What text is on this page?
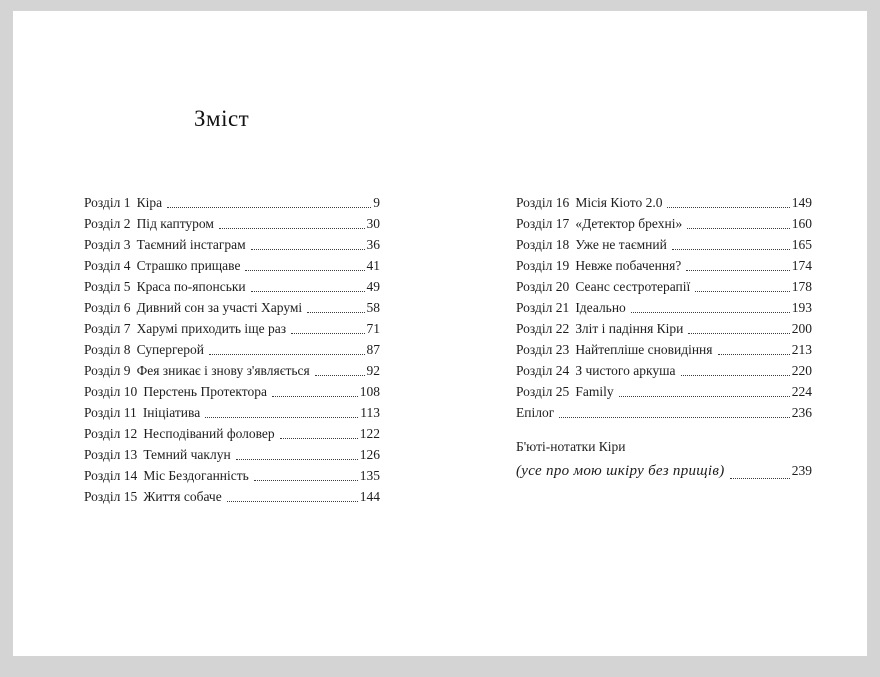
Зміст
Розділ 1 Кіра	9
Розділ 2 Під каптуром	30
Розділ 3 Таємний інстаграм	36
Розділ 4 Страшко прищаве	41
Розділ 5 Краса по-японськи	49
Розділ 6 Дивний сон за участі Харумі	58
Розділ 7 Харумі приходить іще раз	71
Розділ 8 Супергерой	87
Розділ 9 Фея зникає і знову з'являється	92
Розділ 10 Перстень Протектора	108
Розділ 11 Ініціатива	113
Розділ 12 Несподіваний фоловер	122
Розділ 13 Темний чаклун	126
Розділ 14 Міс Бездоганність	135
Розділ 15 Життя собаче	144
Розділ 16 Місія Кіото 2.0	149
Розділ 17 «Детектор брехні»	160
Розділ 18 Уже не таємний	165
Розділ 19 Невже побачення?	174
Розділ 20 Сеанс сестротерапії	178
Розділ 21 Ідеально	193
Розділ 22 Зліт і падіння Кіри	200
Розділ 23 Найтепліше сновидіння	213
Розділ 24 З чистого аркуша	220
Розділ 25 Family	224
Епілог	236
Б'юті-нотатки Кіри
(усе про мою шкіру без прищів)	239
